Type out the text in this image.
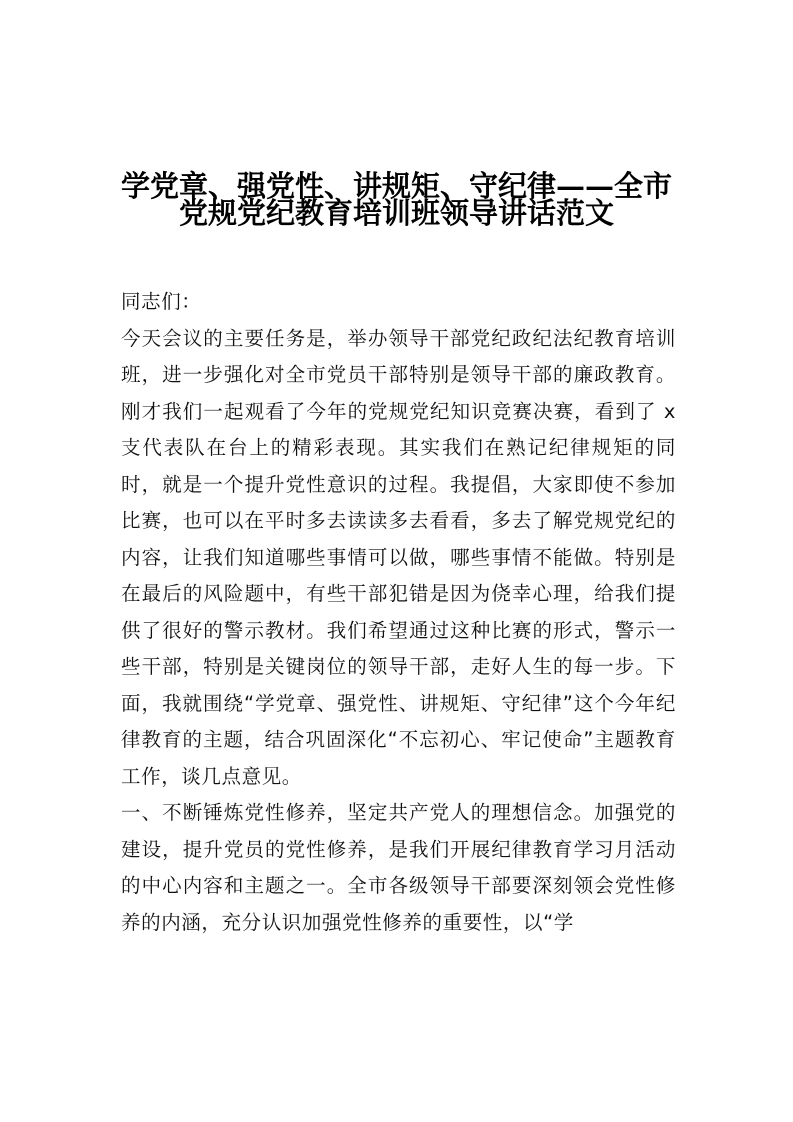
学党章、强党性、讲规矩、守纪律——全市
党规党纪教育培训班领导讲话范文

同志们：

今天会议的主要任务是，举办领导干部党纪政纪法纪教育培训班，进一步强化对全市党员干部特别是领导干部的廉政教育。刚才我们一起观看了今年的党规党纪知识竞赛决赛，看到了 x 支代表队在台上的精彩表现。其实我们在熟记纪律规矩的同时，就是一个提升党性意识的过程。我提倡，大家即使不参加比赛，也可以在平时多去读读多去看看，多去了解党规党纪的内容，让我们知道哪些事情可以做，哪些事情不能做。特别是在最后的风险题中，有些干部犯错是因为侥幸心理，给我们提供了很好的警示教材。我们希望通过这种比赛的形式，警示一些干部，特别是关键岗位的领导干部，走好人生的每一步。下面，我就围绕“学党章、强党性、讲规矩、守纪律”这个今年纪律教育的主题，结合巩固深化“不忘初心、牢记使命”主题教育工作，谈几点意见。

一、不断锤炼党性修养，坚定共产党人的理想信念。加强党的建设，提升党员的党性修养，是我们开展纪律教育学习月活动的中心内容和主题之一。全市各级领导干部要深刻领会党性修养的内涵，充分认识加强党性修养的重要性，以“学
